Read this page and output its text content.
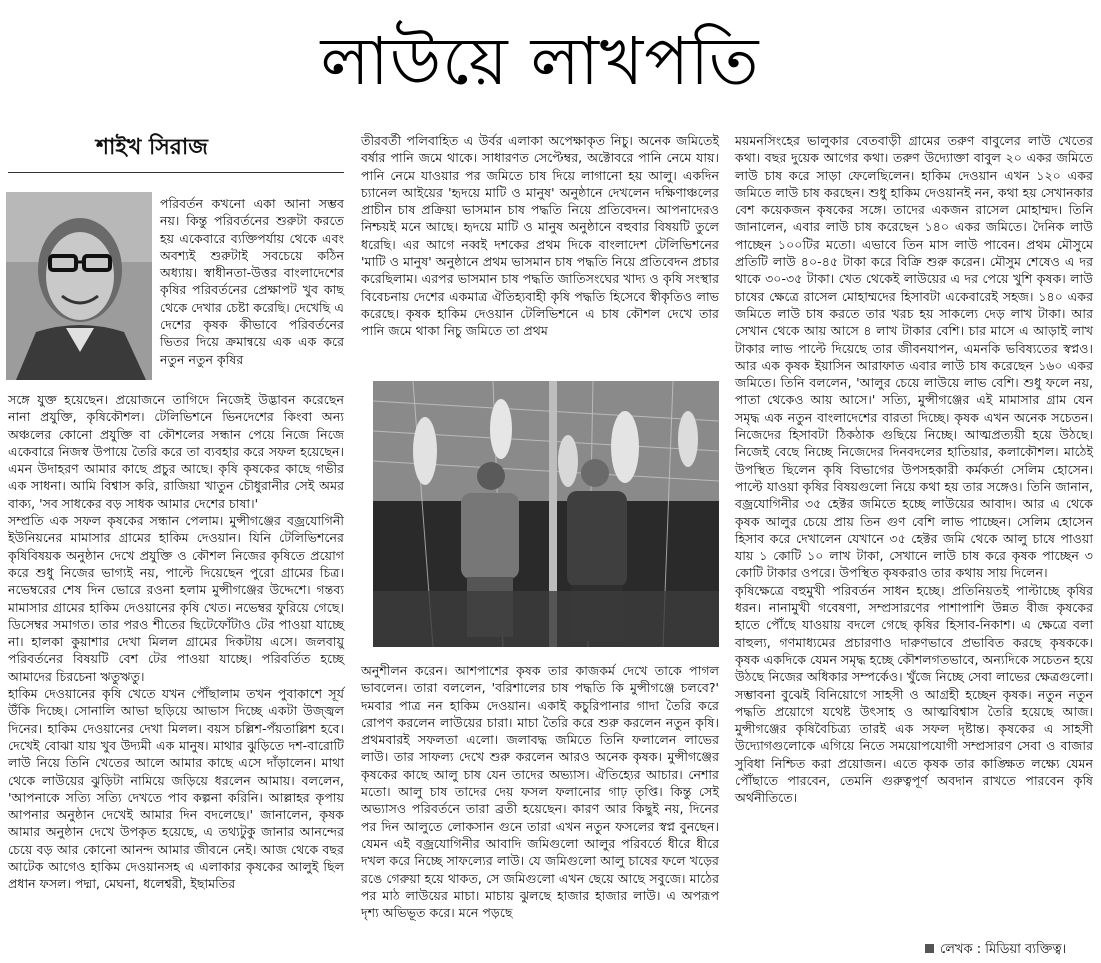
লাউয়ে লাখপতি
শাইখ সিরাজ

পরিবর্তন কখনো একা আনা সম্ভব নয়। কিন্তু পরিবর্তনের শুরুটা করতে হয় একেবারে ব্যক্তিপর্যায় থেকে এবং অবশ্যই শুরুটাই সবচেয়ে কঠিন অধ্যায়। স্বাধীনতা-উত্তর বাংলাদেশের কৃষির পরিবর্তনের প্রেক্ষাপট খুব কাছ থেকে দেখার চেষ্টা করেছি। দেখেছি এ দেশের কৃষক কীভাবে পরিবর্তনের ভিতর দিয়ে ক্রমান্বয়ে এক এক করে নতুন নতুন কৃষির

সঙ্গে যুক্ত হয়েছেন। প্রয়োজনে তাগিদে নিজেই উদ্ভাবন করেছেন নানা প্রযুক্তি, কৃষিকৌশল। টেলিভিশনে ভিনদেশের কিংবা অন্য অঞ্চলের কোনো প্রযুক্তি বা কৌশলের সন্ধান পেয়ে নিজে নিজে একেবারে নিজস্ব উপায়ে তৈরি করে তা ব্যবহার করে সফল হয়েছেন। এমন উদাহরণ আমার কাছে প্রচুর আছে। কৃষি কৃষকের কাছে গভীর এক সাধনা। আমি বিশ্বাস করি, রাজিয়া খাতুন চৌধুরানীর সেই অমর বাক্য, 'সব সাধকের বড় সাধক আমার দেশের চাষা।'

সম্প্রতি এক সফল কৃষকের সন্ধান পেলাম। মুন্সীগঞ্জের বজ্রযোগিনী ইউনিয়নের মামাসার গ্রামের হাকিম দেওয়ান। যিনি টেলিভিশনের কৃষিবিষয়ক অনুষ্ঠান দেখে প্রযুক্তি ও কৌশল নিজের কৃষিতে প্রয়োগ করে শুধু নিজের ভাগ্যই নয়, পাল্টে দিয়েছেন পুরো গ্রামের চিত্র। নভেম্বরের শেষ দিন ভোরে রওনা হলাম মুন্সীগঞ্জের উদ্দেশে। গন্তব্য মামাসার গ্রামের হাকিম দেওয়ানের কৃষি খেত। নভেম্বর ফুরিয়ে গেছে। ডিসেম্বর সমাগত। তার পরও শীতের ছিটেফোঁটাও টের পাওয়া যাচ্ছে না। হালকা কুয়াশার দেখা মিলল গ্রামের দিকটায় এসে। জলবায়ু পরিবর্তনের বিষয়টি বেশ টের পাওয়া যাচ্ছে। পরিবর্তিত হচ্ছে আমাদের চিরচেনা ঋতুঋতু।

হাকিম দেওয়ানের কৃষি খেতে যখন পৌঁছালাম তখন পুবাকাশে সূর্য উঁকি দিচ্ছে। সোনালি আভা ছড়িয়ে আভাস দিচ্ছে একটা উজ্জ্বল দিনের। হাকিম দেওয়ানের দেখা মিলল। বয়স চল্লিশ-পঁয়তাল্লিশ হবে। দেখেই বোঝা যায় খুব উদ্যমী এক মানুষ। মাথার ঝুড়িতে দশ-বারোটি লাউ নিয়ে তিনি খেতের আলে আমার কাছে এসে দাঁড়ালেন। মাথা থেকে লাউয়ের ঝুড়িটা নামিয়ে জড়িয়ে ধরলেন আমায়। বললেন, 'আপনাকে সত্যি সত্যি দেখতে পাব কল্পনা করিনি। আল্লাহর কৃপায় আপনার অনুষ্ঠান দেখেই আমার দিন বদলেছে।' জানালেন, কৃষক আমার অনুষ্ঠান দেখে উপকৃত হয়েছে, এ তথ্যটুকু জানার আনন্দের চেয়ে বড় আর কোনো আনন্দ আমার জীবনে নেই। আজ থেকে বছর আটেক আগেও হাকিম দেওয়ানসহ এ এলাকার কৃষকের আলুই ছিল প্রধান ফসল। পদ্মা, মেঘনা, ধলেশ্বরী, ইছামতির

তীরবর্তী পলিবাহিত এ উর্বর এলাকা অপেক্ষাকৃত নিচু। অনেক জমিতেই বর্ষার পানি জমে থাকে। সাধারণত সেপ্টেম্বর, অক্টোবরে পানি নেমে যায়। পানি নেমে যাওয়ার পর জমিতে চাষ দিয়ে লাগানো হয় আলু। একদিন চ্যানেল আইয়ের 'হৃদয়ে মাটি ও মানুষ' অনুষ্ঠানে দেখলেন দক্ষিণাঞ্চলের প্রাচীন চাষ প্রক্রিয়া ভাসমান চাষ পদ্ধতি নিয়ে প্রতিবেদন। আপনাদেরও নিশ্চয়ই মনে আছে। হৃদয়ে মাটি ও মানুষ অনুষ্ঠানে বহুবার বিষয়টি তুলে ধরেছি। এর আগে নব্বই দশকের প্রথম দিকে বাংলাদেশ টেলিভিশনের 'মাটি ও মানুষ' অনুষ্ঠানে প্রথম ভাসমান চাষ পদ্ধতি নিয়ে প্রতিবেদন প্রচার করেছিলাম। এরপর ভাসমান চাষ পদ্ধতি জাতিসংঘের খাদ্য ও কৃষি সংস্থার বিবেচনায় দেশের একমাত্র ঐতিহ্যবাহী কৃষি পদ্ধতি হিসেবে স্বীকৃতিও লাভ করেছে। কৃষক হাকিম দেওয়ান টেলিভিশনে এ চাষ কৌশল দেখে তার পানি জমে থাকা নিচু জমিতে তা প্রথম

অনুশীলন করেন। আশপাশের কৃষক তার কাজকর্ম দেখে তাকে পাগল ভাবলেন। তারা বললেন, 'বরিশালের চাষ পদ্ধতি কি মুন্সীগঞ্জে চলবে?' দমবার পাত্র নন হাকিম দেওয়ান। একাই কচুরিপানার গাদা তৈরি করে রোপণ করলেন লাউয়ের চারা। মাচা তৈরি করে শুরু করলেন নতুন কৃষি। প্রথমবারই সফলতা এলো। জলাবদ্ধ জমিতে তিনি ফলালেন লাভের লাউ। তার সাফল্য দেখে শুরু করলেন আরও অনেক কৃষক। মুন্সীগঞ্জের কৃষকের কাছে আলু চাষ যেন তাদের অভ্যাস। ঐতিহ্যের আচার। নেশার মতো। আলু চাষ তাদের দেয় ফসল ফলানোর গাঢ় তৃপ্তি। কিন্তু সেই অভ্যাসও পরিবর্তনে তারা ব্রতী হয়েছেন। কারণ আর কিছুই নয়, দিনের পর দিন আলুতে লোকসান গুনে তারা এখন নতুন ফসলের স্বপ্ন বুনছেন। যেমন এই বজ্রযোগিনীর আবাদি জমিগুলো আলুর পরিবর্তে ধীরে ধীরে দখল করে নিচ্ছে সাফল্যের লাউ। যে জমিগুলো আলু চাষের ফলে খড়ের রঙে গেরুয়া হয়ে থাকত, সে জমিগুলো এখন ছেয়ে আছে সবুজে। মাঠের পর মাঠ লাউয়ের মাচা। মাচায় ঝুলছে হাজার হাজার লাউ। এ অপরূপ দৃশ্য অভিভূত করে। মনে পড়ছে

ময়মনসিংহের ভালুকার বেতবাড়ী গ্রামের তরুণ বাবুলের লাউ খেতের কথা। বছর দুয়েক আগের কথা। তরুণ উদ্যোক্তা বাবুল ২০ একর জমিতে লাউ চাষ করে সাড়া ফেলেছিলেন। হাকিম দেওয়ান এখন ১২০ একর জমিতে লাউ চাষ করছেন। শুধু হাকিম দেওয়ানই নন, কথা হয় সেখানকার বেশ কয়েকজন কৃষকের সঙ্গে। তাদের একজন রাসেল মোহাম্মদ। তিনি জানালেন, এবার লাউ চাষ করেছেন ১৪০ একর জমিতে। দৈনিক লাউ পাচ্ছেন ১০০টির মতো। এভাবে তিন মাস লাউ পাবেন। প্রথম মৌসুমে প্রতিটি লাউ ৪০-৪৫ টাকা করে বিক্রি শুরু করেন। মৌসুম শেষেও এ দর থাকে ৩০-৩৫ টাকা। খেত থেকেই লাউয়ের এ দর পেয়ে খুশি কৃষক। লাউ চাষের ক্ষেত্রে রাসেল মোহাম্মদের হিসাবটা একেবারেই সহজ। ১৪০ একর জমিতে লাউ চাষ করতে তার খরচ হয় সাকল্যে দেড় লাখ টাকা। আর সেখান থেকে আয় আসে ৪ লাখ টাকার বেশি। চার মাসে এ আড়াই লাখ টাকার লাভ পাল্টে দিয়েছে তার জীবনযাপন, এমনকি ভবিষ্যতের স্বপ্নও। আর এক কৃষক ইয়াসিন আরাফাত এবার লাউ চাষ করেছেন ১৬০ একর জমিতে। তিনি বললেন, 'আলুর চেয়ে লাউয়ে লাভ বেশি। শুধু ফলে নয়, পাতা থেকেও আয় আসে।' সত্যি, মুন্সীগঞ্জের এই মামাসার গ্রাম যেন সমৃদ্ধ এক নতুন বাংলাদেশের বারতা দিচ্ছে। কৃষক এখন অনেক সচেতন। নিজেদের হিসাবটা ঠিকঠাক গুছিয়ে নিচ্ছে। আত্মপ্রত্যয়ী হয়ে উঠছে। নিজেই বেছে নিচ্ছে নিজেদের দিনবদলের হাতিয়ার, কলাকৌশল। মাঠেই উপস্থিত ছিলেন কৃষি বিভাগের উপসহকারী কর্মকর্তা সেলিম হোসেন। পাল্টে যাওয়া কৃষির বিষয়গুলো নিয়ে কথা হয় তার সঙ্গেও। তিনি জানান, বজ্রযোগিনীর ৩৫ হেক্টর জমিতে হচ্ছে লাউয়ের আবাদ। আর এ থেকে কৃষক আলুর চেয়ে প্রায় তিন গুণ বেশি লাভ পাচ্ছেন। সেলিম হোসেন হিসাব করে দেখালেন যেখানে ৩৫ হেক্টর জমি থেকে আলু চাষে পাওয়া যায় ১ কোটি ১০ লাখ টাকা, সেখানে লাউ চাষ করে কৃষক পাচ্ছেন ৩ কোটি টাকার ওপরে। উপস্থিত কৃষকরাও তার কথায় সায় দিলেন।

কৃষিক্ষেত্রে বহুমুখী পরিবর্তন সাধন হচ্ছে। প্রতিনিয়তই পাল্টাচ্ছে কৃষির ধরন। নানামুখী গবেষণা, সম্প্রসারণের পাশাপাশি উন্নত বীজ কৃষকের হাতে পৌঁছে যাওয়ায় বদলে গেছে কৃষির হিসাব-নিকাশ। এ ক্ষেত্রে বলা বাহুল্য, গণমাধ্যমের প্রচারণাও দারুণভাবে প্রভাবিত করছে কৃষককে। কৃষক একদিকে যেমন সমৃদ্ধ হচ্ছে কৌশলগতভাবে, অন্যদিকে সচেতন হয়ে উঠছে নিজের অধিকার সম্পর্কেও। খুঁজে নিচ্ছে সেবা লাভের ক্ষেত্রগুলো। সম্ভাবনা বুঝেই বিনিয়োগে সাহসী ও আগ্রহী হচ্ছেন কৃষক। নতুন নতুন পদ্ধতি প্রয়োগে যথেষ্ট উৎসাহ ও আত্মবিশ্বাস তৈরি হয়েছে আজ। মুন্সীগঞ্জের কৃষিবৈচিত্র্য তারই এক সফল দৃষ্টান্ত। কৃষকের এ সাহসী উদ্যোগগুলোকে এগিয়ে নিতে সময়োপযোগী সম্প্রসারণ সেবা ও বাজার সুবিধা নিশ্চিত করা প্রয়োজন। এতে কৃষক তার কাঙ্ক্ষিত লক্ষ্যে যেমন পৌঁছাতে পারবেন, তেমনি গুরুত্বপূর্ণ অবদান রাখতে পারবেন কৃষি অর্থনীতিতে।

লেখক : মিডিয়া ব্যক্তিত্ব।
